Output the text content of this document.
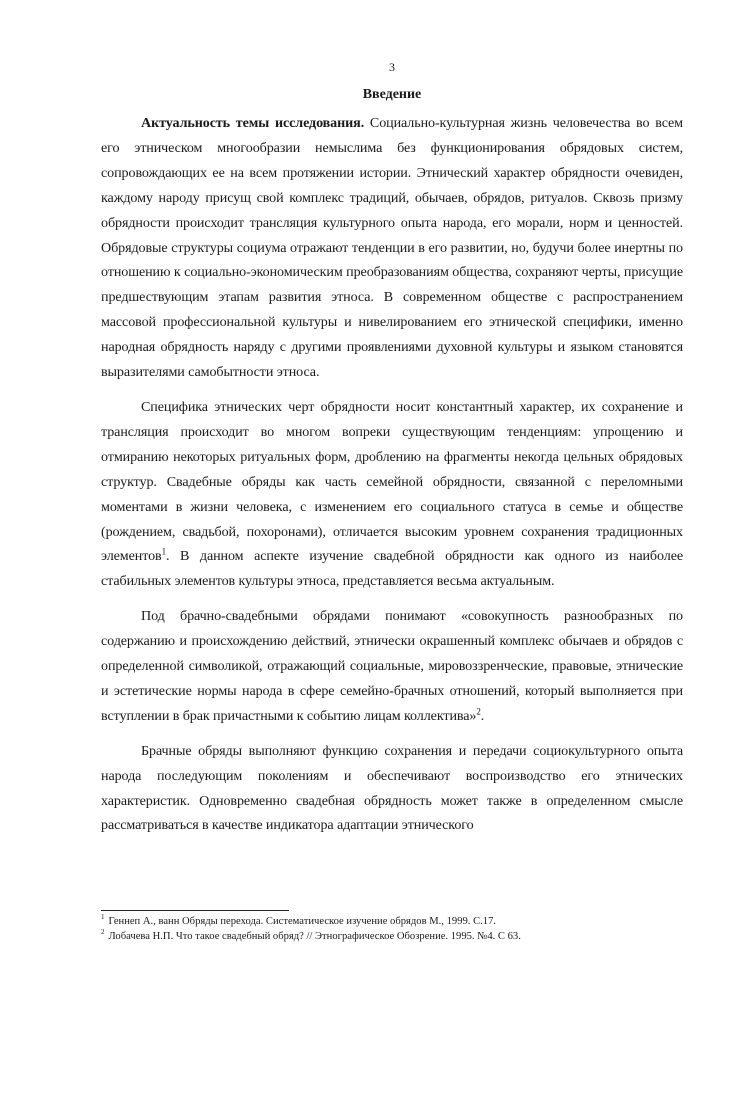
3
Введение

Актуальность темы исследования. Социально-культурная жизнь человечества во всем его этническом многообразии немыслима без функционирования обрядовых систем, сопровождающих ее на всем протяжении истории. Этнический характер обрядности очевиден, каждому народу присущ свой комплекс традиций, обычаев, обрядов, ритуалов. Сквозь призму обрядности происходит трансляция культурного опыта народа, его морали, норм и ценностей. Обрядовые структуры социума отражают тенденции в его развитии, но, будучи более инертны по отношению к социально-экономическим преобразованиям общества, сохраняют черты, присущие предшествующим этапам развития этноса. В современном обществе с распространением массовой профессиональной культуры и нивелированием его этнической специфики, именно народная обрядность наряду с другими проявлениями духовной культуры и языком становятся выразителями самобытности этноса.

Специфика этнических черт обрядности носит константный характер, их сохранение и трансляция происходит во многом вопреки существующим тенденциям: упрощению и отмиранию некоторых ритуальных форм, дроблению на фрагменты некогда цельных обрядовых структур. Свадебные обряды как часть семейной обрядности, связанной с переломными моментами в жизни человека, с изменением его социального статуса в семье и обществе (рождением, свадьбой, похоронами), отличается высоким уровнем сохранения традиционных элементов$^1$. В данном аспекте изучение свадебной обрядности как одного из наиболее стабильных элементов культуры этноса, представляется весьма актуальным.

Под брачно-свадебными обрядами понимают «совокупность разнообразных по содержанию и происхождению действий, этнически окрашенный комплекс обычаев и обрядов с определенной символикой, отражающий социальные, мировоззренческие, правовые, этнические и эстетические нормы народа в сфере семейно-брачных отношений, который выполняется при вступлении в брак причастными к событию лицам коллектива»$^2$.

Брачные обряды выполняют функцию сохранения и передачи социокультурного опыта народа последующим поколениям и обеспечивают воспроизводство его этнических характеристик. Одновременно свадебная обрядность может также в определенном смысле рассматриваться в качестве индикатора адаптации этнического

$^1$ Геннеп А., ванн Обряды перехода. Систематическое изучение обрядов М., 1999. С.17.
$^2$ Лобачева Н.П. Что такое свадебный обряд? // Этнографическое Обозрение. 1995. №4. С 63.
